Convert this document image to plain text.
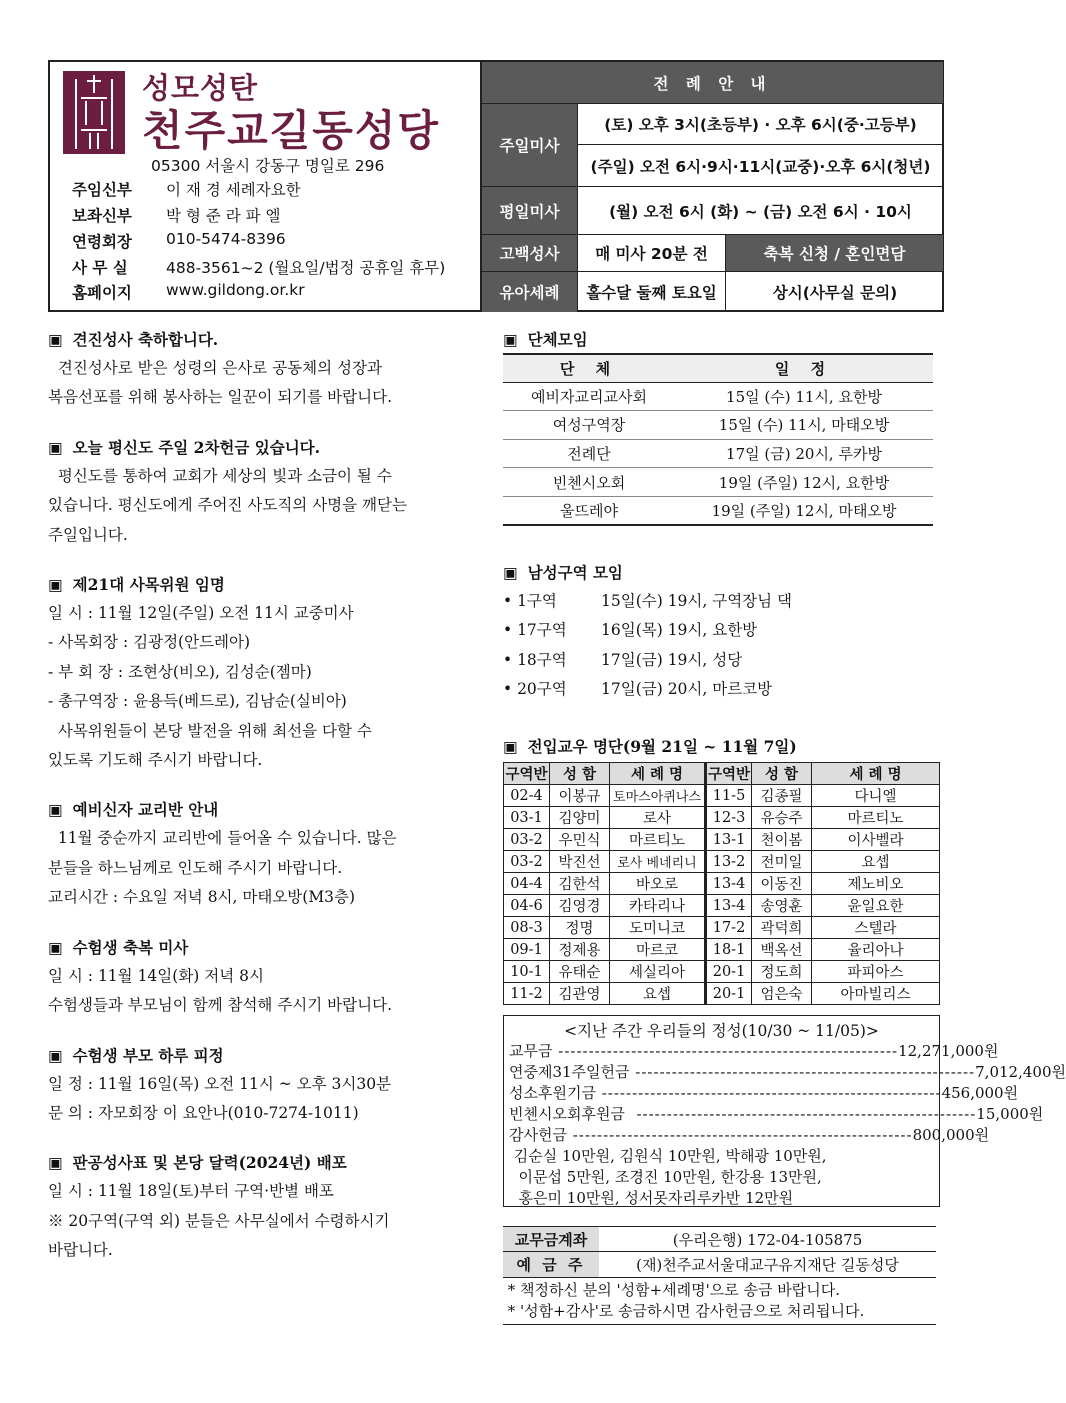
성모성탄
천주교길동성당
05300 서울시 강동구 명일로 296
주임신부	이 재 경 세례자요한
보좌신부	박 형 준 라 파 엘
연령회장	010-5474-8396
사 무 실	488-3561~2 (월요일/법정 공휴일 휴무)
홈페이지	www.gildong.or.kr
전 례 안 내
주일미사
(토) 오후 3시(초등부) · 오후 6시(중·고등부)
(주일) 오전 6시·9시·11시(교중)·오후 6시(청년)
평일미사	(월) 오전 6시 (화) ~ (금) 오전 6시 · 10시
고백성사	매 미사 20분 전	축복 신청 / 혼인면담
유아세례	홀수달 둘째 토요일	상시(사무실 문의)
▣ 견진성사 축하합니다.
견진성사로 받은 성령의 은사로 공동체의 성장과
복음선포를 위해 봉사하는 일꾼이 되기를 바랍니다.
▣ 오늘 평신도 주일 2차헌금 있습니다.
평신도를 통하여 교회가 세상의 빛과 소금이 될 수
있습니다. 평신도에게 주어진 사도직의 사명을 깨닫는
주일입니다.
▣ 제21대 사목위원 임명
일 시 : 11월 12일(주일) 오전 11시 교중미사
- 사목회장 : 김광정(안드레아)
- 부 회 장 : 조현상(비오), 김성순(젬마)
- 총구역장 : 윤용득(베드로), 김남순(실비아)
사목위원들이 본당 발전을 위해 최선을 다할 수
있도록 기도해 주시기 바랍니다.
▣ 예비신자 교리반 안내
11월 중순까지 교리반에 들어올 수 있습니다. 많은
분들을 하느님께로 인도해 주시기 바랍니다.
교리시간 : 수요일 저녁 8시, 마태오방(M3층)
▣ 수험생 축복 미사
일 시 : 11월 14일(화) 저녁 8시
수험생들과 부모님이 함께 참석해 주시기 바랍니다.
▣ 수험생 부모 하루 피정
일 정 : 11월 16일(목) 오전 11시 ~ 오후 3시30분
문 의 : 자모회장 이 요안나(010-7274-1011)
▣ 판공성사표 및 본당 달력(2024년) 배포
일 시 : 11월 18일(토)부터 구역·반별 배포
※ 20구역(구역 외) 분들은 사무실에서 수령하시기
바랍니다.
▣ 단체모임
단 체	일 정
예비자교리교사회	15일 (수) 11시, 요한방
여성구역장	15일 (수) 11시, 마태오방
전례단	17일 (금) 20시, 루카방
빈첸시오회	19일 (주일) 12시, 요한방
울뜨레야	19일 (주일) 12시, 마태오방
▣ 남성구역 모임
• 1구역	15일(수) 19시, 구역장님 댁
• 17구역	16일(목) 19시, 요한방
• 18구역	17일(금) 19시, 성당
• 20구역	17일(금) 20시, 마르코방
▣ 전입교우 명단(9월 21일 ~ 11월 7일)
구역반	성 함	세 례 명	구역반	성 함	세 례 명
02-4	이봉규	토마스아퀴나스	11-5	김종필	다니엘
03-1	김양미	로사	12-3	유승주	마르티노
03-2	우민식	마르티노	13-1	천이봄	이사벨라
03-2	박진선	로사 베네리니	13-2	전미일	요셉
04-4	김한석	바오로	13-4	이동진	제노비오
04-6	김영경	카타리나	13-4	송영훈	윤일요한
08-3	정명	도미니코	17-2	곽덕희	스텔라
09-1	정제용	마르코	18-1	백옥선	율리아나
10-1	유태순	세실리아	20-1	정도희	파피아스
11-2	김관영	요셉	20-1	엄은숙	아마빌리스
<지난 주간 우리들의 정성(10/30 ~ 11/05)>
교무금 -------------------------------------------------------- 12,271,000원
연중제31주일헌금 -------------------------------------------------------- 7,012,400원
성소후원기금 -------------------------------------------------------- 456,000원
빈첸시오회후원금 -------------------------------------------------------- 15,000원
감사헌금 -------------------------------------------------------- 800,000원
김순실 10만원, 김원식 10만원, 박해광 10만원,
이문섭 5만원, 조경진 10만원, 한강용 13만원,
홍은미 10만원, 성서못자리루카반 12만원
교무금계좌	(우리은행) 172-04-105875
예 금 주	(재)천주교서울대교구유지재단 길동성당
* 책정하신 분의 '성함+세례명'으로 송금 바랍니다.
* '성함+감사'로 송금하시면 감사헌금으로 처리됩니다.
